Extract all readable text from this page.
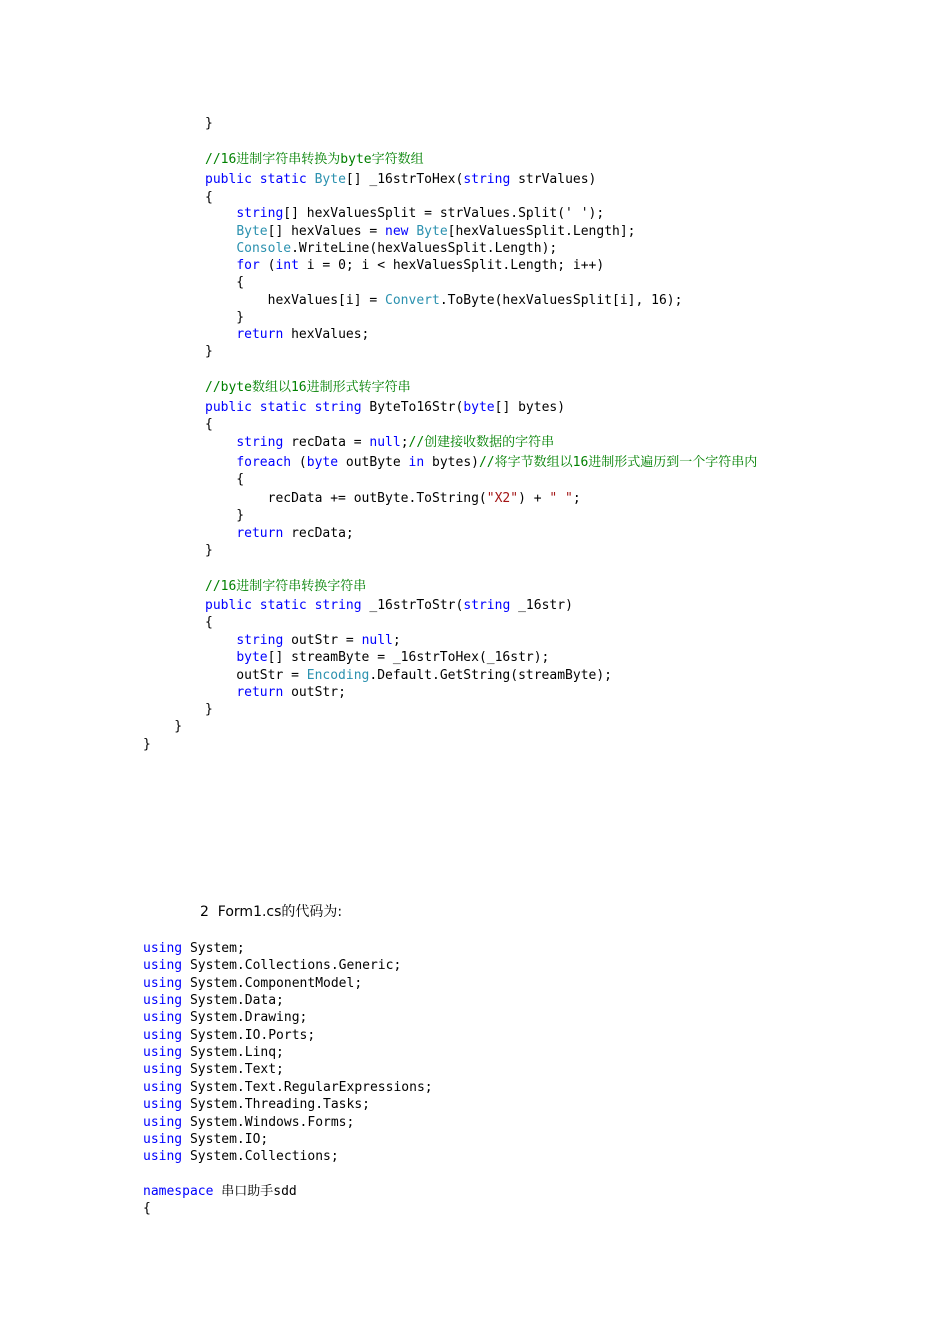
}
//16进制字符串转换为byte字符数组
public static Byte[] _16strToHex(string strValues)
{
string[] hexValuesSplit = strValues.Split(' ');
Byte[] hexValues = new Byte[hexValuesSplit.Length];
Console.WriteLine(hexValuesSplit.Length);
for (int i = 0; i < hexValuesSplit.Length; i++)
{
hexValues[i] = Convert.ToByte(hexValuesSplit[i], 16);
}
return hexValues;
}
//byte数组以16进制形式转字符串
public static string ByteTo16Str(byte[] bytes)
{
string recData = null;//创建接收数据的字符串
foreach (byte outByte in bytes)//将字节数组以16进制形式遍历到一个字符串内
{
recData += outByte.ToString("X2") + " ";
}
return recData;
}
//16进制字符串转换字符串
public static string _16strToStr(string _16str)
{
string outStr = null;
byte[] streamByte = _16strToHex(_16str);
outStr = Encoding.Default.GetString(streamByte);
return outStr;
}
}
}
2  Form1.cs的代码为:
using System;
using System.Collections.Generic;
using System.ComponentModel;
using System.Data;
using System.Drawing;
using System.IO.Ports;
using System.Linq;
using System.Text;
using System.Text.RegularExpressions;
using System.Threading.Tasks;
using System.Windows.Forms;
using System.IO;
using System.Collections;
namespace 串口助手sdd
{
